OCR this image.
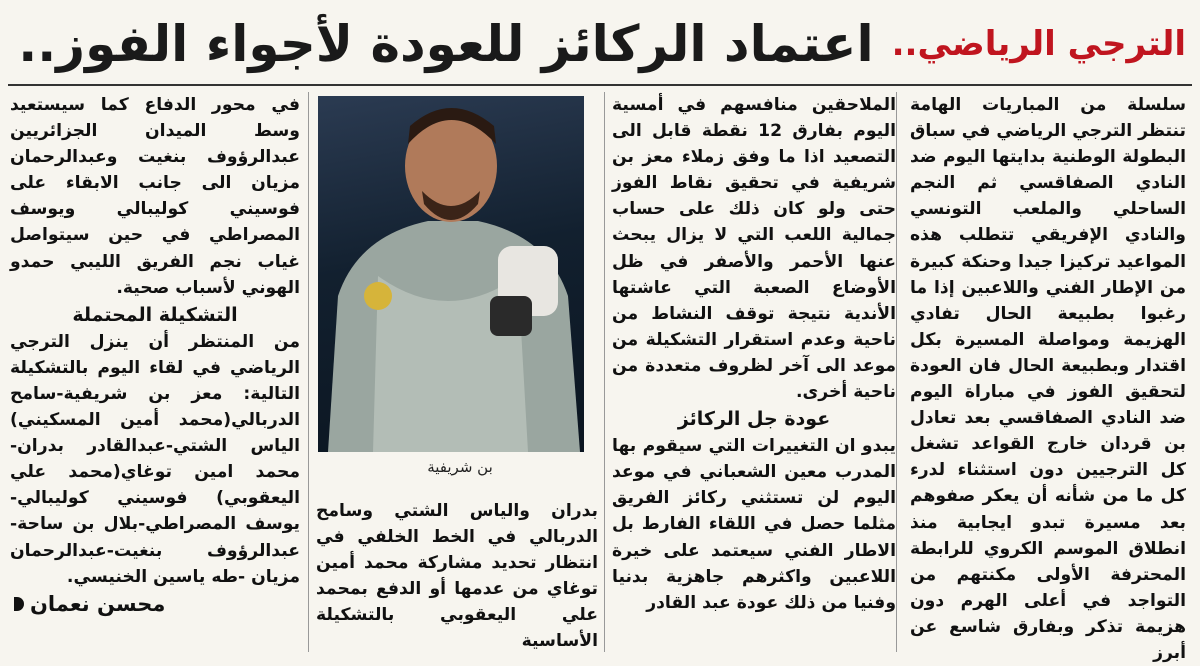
الترجي الرياضي..
اعتماد الركائز للعودة لأجواء الفوز..

سلسلة من المباريات الهامة تنتظر الترجي الرياضي في سباق البطولة الوطنية بدايتها اليوم ضد النادي الصفاقسي ثم النجم الساحلي والملعب التونسي والنادي الإفريقي تتطلب هذه المواعيد تركيزا جيدا وحنكة كبيرة من الإطار الفني واللاعبين إذا ما رغبوا بطبيعة الحال تفادي الهزيمة ومواصلة المسيرة بكل اقتدار وبطبيعة الحال فان العودة لتحقيق الفوز في مباراة اليوم ضد النادي الصفاقسي بعد تعادل بن قردان خارج القواعد تشغل كل الترجيين دون استثناء لدرء كل ما من شأنه أن يعكر صفوهم بعد مسيرة تبدو ايجابية منذ انطلاق الموسم الكروي للرابطة المحترفة الأولى مكنتهم من التواجد في أعلى الهرم دون هزيمة تذكر وبفارق شاسع عن أبرز

الملاحقين منافسهم في أمسية اليوم بفارق 12 نقطة قابل الى التصعيد اذا ما وفق زملاء معز بن شريفية في تحقيق نقاط الفوز حتى ولو كان ذلك على حساب جمالية اللعب التي لا يزال يبحث عنها الأحمر والأصفر في ظل الأوضاع الصعبة التي عاشتها الأندية نتيجة توقف النشاط من ناحية وعدم استقرار التشكيلة من موعد الى آخر لظروف متعددة من ناحية أخرى.

عودة جل الركائز

يبدو ان التغييرات التي سيقوم بها المدرب معين الشعباني في موعد اليوم لن تستثني ركائز الفريق مثلما حصل في اللقاء الفارط بل الاطار الفني سيعتمد على خيرة اللاعبين واكثرهم جاهزية بدنيا وفنيا من ذلك عودة عبد القادر

بن شريفية

بدران والياس الشتي وسامح الدربالي في الخط الخلفي في انتظار تحديد مشاركة محمد أمين توغاي من عدمها أو الدفع بمحمد علي اليعقوبي بالتشكيلة الأساسية

في محور الدفاع كما سيستعيد وسط الميدان الجزائريين عبدالرؤوف بنغيت وعبدالرحمان مزيان الى جانب الابقاء على فوسيني كوليبالي ويوسف المصراطي في حين سيتواصل غياب نجم الفريق الليبي حمدو الهوني لأسباب صحية.

التشكيلة المحتملة

من المنتظر أن ينزل الترجي الرياضي في لقاء اليوم بالتشكيلة التالية: معز بن شريفية-سامح الدربالي(محمد أمين المسكيني) الياس الشتي-عبدالقادر بدران-محمد امين توغاي(محمد علي اليعقوبي) فوسيني كوليبالي-يوسف المصراطي-بلال بن ساحة-عبدالرؤوف بنغيت-عبدالرحمان مزيان -طه ياسين الخنيسي.

محسن نعمان
